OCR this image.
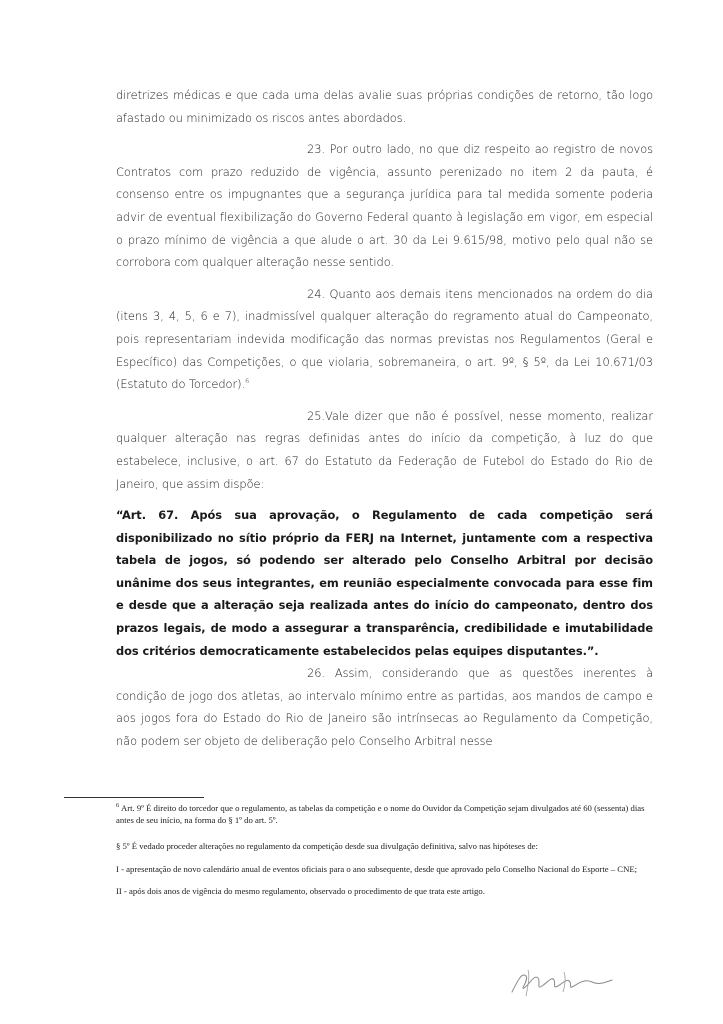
diretrizes médicas e que cada uma delas avalie suas próprias condições de retorno, tão logo afastado ou minimizado os riscos antes abordados.

23. Por outro lado, no que diz respeito ao registro de novos Contratos com prazo reduzido de vigência, assunto perenizado no item 2 da pauta, é consenso entre os impugnantes que a segurança jurídica para tal medida somente poderia advir de eventual flexibilização do Governo Federal quanto à legislação em vigor, em especial o prazo mínimo de vigência a que alude o art. 30 da Lei 9.615/98, motivo pelo qual não se corrobora com qualquer alteração nesse sentido.

24. Quanto aos demais itens mencionados na ordem do dia (itens 3, 4, 5, 6 e 7), inadmissível qualquer alteração do regramento atual do Campeonato, pois representariam indevida modificação das normas previstas nos Regulamentos (Geral e Específico) das Competições, o que violaria, sobremaneira, o art. 9º, § 5º, da Lei 10.671/03 (Estatuto do Torcedor).$^6$

25.Vale dizer que não é possível, nesse momento, realizar qualquer alteração nas regras definidas antes do início da competição, à luz do que estabelece, inclusive, o art. 67 do Estatuto da Federação de Futebol do Estado do Rio de Janeiro, que assim dispõe:

“Art. 67. Após sua aprovação, o Regulamento de cada competição será disponibilizado no sítio próprio da FERJ na Internet, juntamente com a respectiva tabela de jogos, só podendo ser alterado pelo Conselho Arbitral por decisão unânime dos seus integrantes, em reunião especialmente convocada para esse fim e desde que a alteração seja realizada antes do início do campeonato, dentro dos prazos legais, de modo a assegurar a transparência, credibilidade e imutabilidade dos critérios democraticamente estabelecidos pelas equipes disputantes.”.

26. Assim, considerando que as questões inerentes à condição de jogo dos atletas, ao intervalo mínimo entre as partidas, aos mandos de campo e aos jogos fora do Estado do Rio de Janeiro são intrínsecas ao Regulamento da Competição, não podem ser objeto de deliberação pelo Conselho Arbitral nesse

$^6$ Art. 9º É direito do torcedor que o regulamento, as tabelas da competição e o nome do Ouvidor da Competição sejam divulgados até 60 (sessenta) dias antes de seu início, na forma do § 1º do art. 5º.

§ 5º É vedado proceder alterações no regulamento da competição desde sua divulgação definitiva, salvo nas hipóteses de:

I - apresentação de novo calendário anual de eventos oficiais para o ano subsequente, desde que aprovado pelo Conselho Nacional do Esporte – CNE;

II - após dois anos de vigência do mesmo regulamento, observado o procedimento de que trata este artigo.
